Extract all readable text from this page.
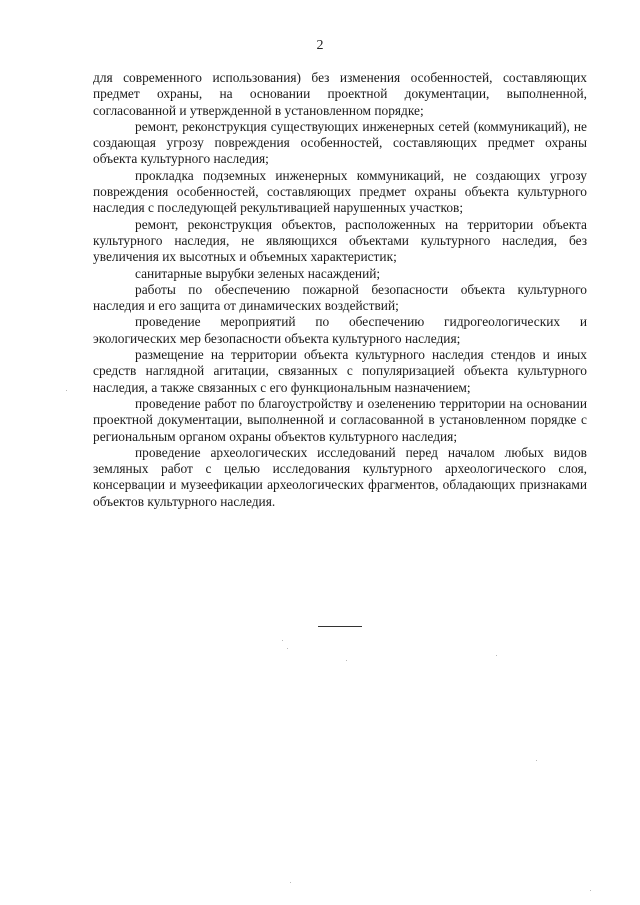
2

для современного использования) без изменения особенностей, составляющих предмет охраны, на основании проектной документации, выполненной, согласованной и утвержденной в установленном порядке;

ремонт, реконструкция существующих инженерных сетей (коммуникаций), не создающая угрозу повреждения особенностей, составляющих предмет охраны объекта культурного наследия;

прокладка подземных инженерных коммуникаций, не создающих угрозу повреждения особенностей, составляющих предмет охраны объекта культурного наследия с последующей рекультивацией нарушенных участков;

ремонт, реконструкция объектов, расположенных на территории объекта культурного наследия, не являющихся объектами культурного наследия, без увеличения их высотных и объемных характеристик;

санитарные вырубки зеленых насаждений;

работы по обеспечению пожарной безопасности объекта культурного наследия и его защита от динамических воздействий;

проведение мероприятий по обеспечению гидрогеологических и экологических мер безопасности объекта культурного наследия;

размещение на территории объекта культурного наследия стендов и иных средств наглядной агитации, связанных с популяризацией объекта культурного наследия, а также связанных с его функциональным назначением;

проведение работ по благоустройству и озеленению территории на основании проектной документации, выполненной и согласованной в установленном порядке с региональным органом охраны объектов культурного наследия;

проведение археологических исследований перед началом любых видов земляных работ с целью исследования культурного археологического слоя, консервации и музеефикации археологических фрагментов, обладающих признаками объектов культурного наследия.
